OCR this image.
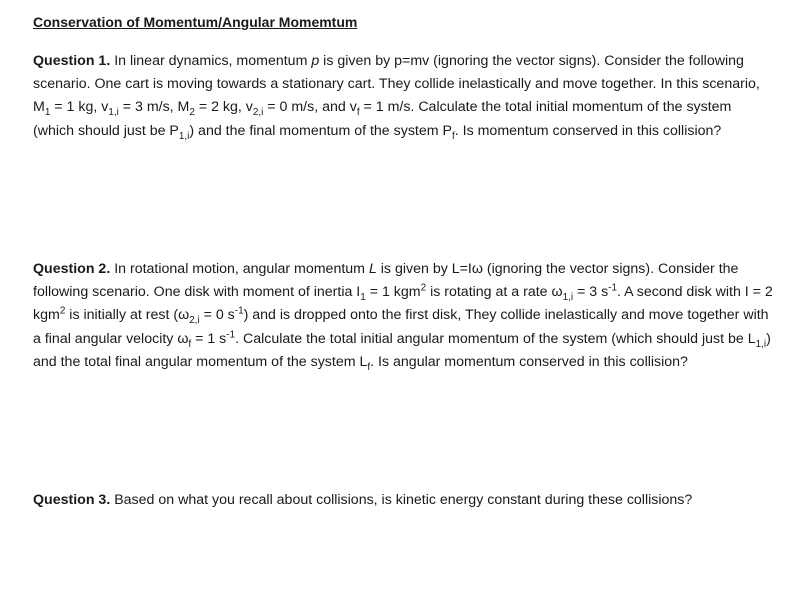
Conservation of Momentum/Angular Momemtum

Question 1. In linear dynamics, momentum p is given by p=mv (ignoring the vector signs). Consider the following scenario. One cart is moving towards a stationary cart. They collide inelastically and move together. In this scenario, $M_1 = 1$ kg, $v_{1,i} = 3$ m/s, $M_2 = 2$ kg, $v_{2,i} = 0$ m/s, and $v_f = 1$ m/s. Calculate the total initial momentum of the system (which should just be $P_{1,i}$) and the final momentum of the system $P_f$. Is momentum conserved in this collision?

Question 2. In rotational motion, angular momentum L is given by L=Iω (ignoring the vector signs). Consider the following scenario. One disk with moment of inertia $I_1 = 1$ kgm$^2$ is rotating at a rate $\omega_{1,i} = 3$ $s^{-1}$. A second disk with I = 2 kgm$^2$ is initially at rest ($\omega_{2,i} = 0$ $s^{-1}$) and is dropped onto the first disk, They collide inelastically and move together with a final angular velocity $\omega_f = 1$ $s^{-1}$. Calculate the total initial angular momentum of the system (which should just be $L_{1,i}$) and the total final angular momentum of the system $L_f$. Is angular momentum conserved in this collision?

Question 3. Based on what you recall about collisions, is kinetic energy constant during these collisions?
